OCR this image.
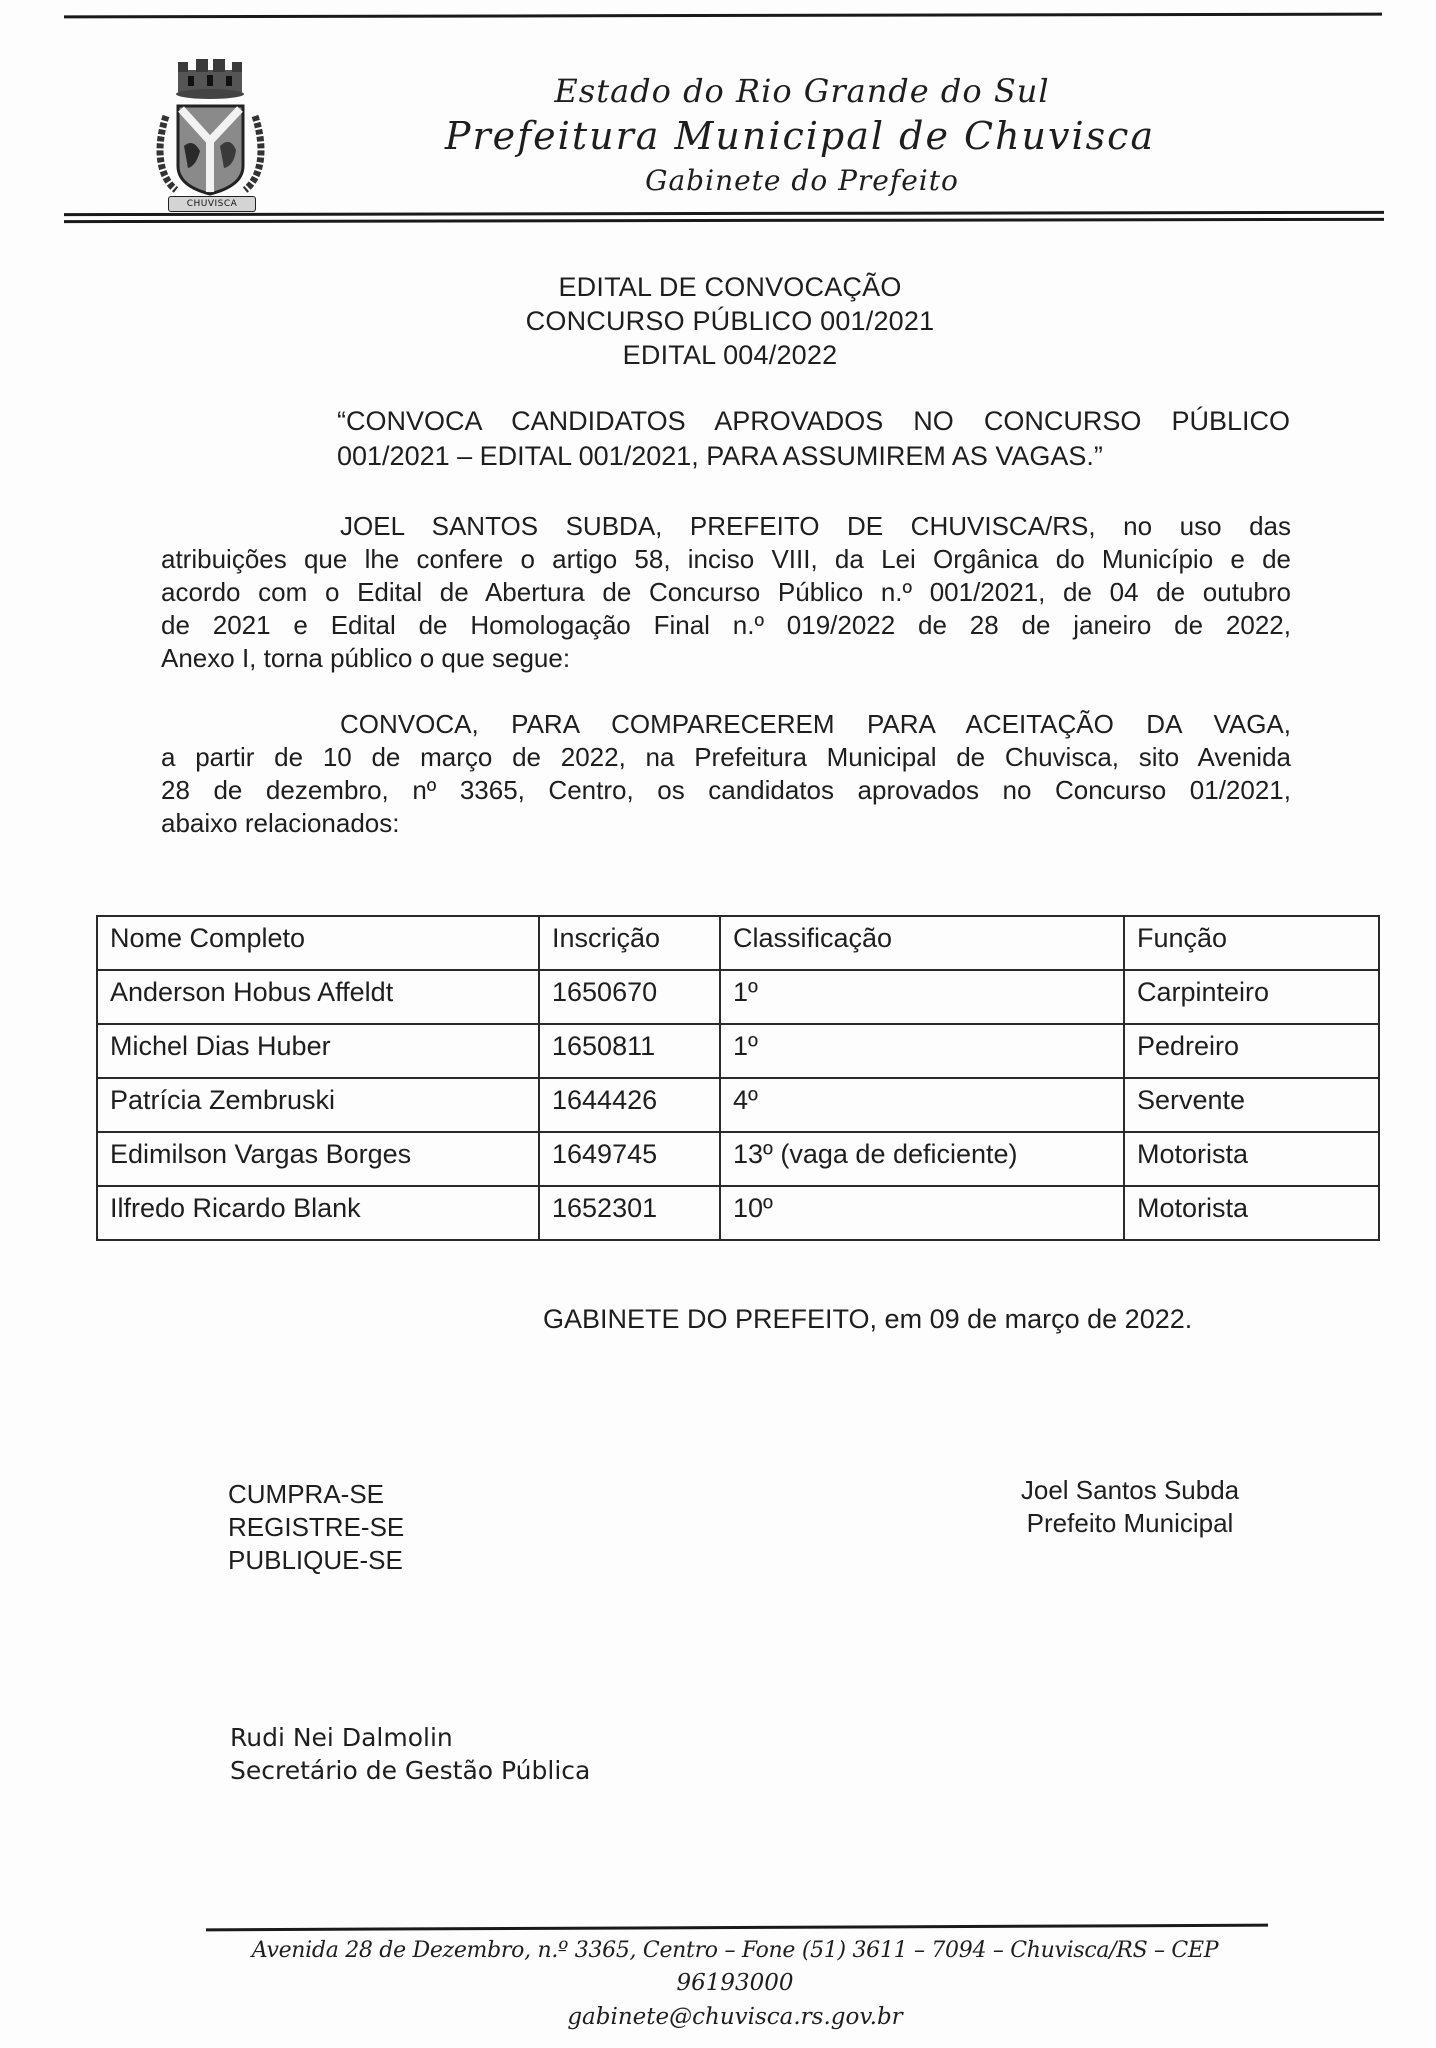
CHUVISCA
Estado do Rio Grande do Sul
Prefeitura Municipal de Chuvisca
Gabinete do Prefeito
EDITAL DE CONVOCAÇÃO
CONCURSO PÚBLICO 001/2021
EDITAL 004/2022
“CONVOCA CANDIDATOS APROVADOS NO CONCURSO PÚBLICO
001/2021 – EDITAL 001/2021, PARA ASSUMIREM AS VAGAS.”
JOEL SANTOS SUBDA, PREFEITO DE CHUVISCA/RS, no uso das
atribuições que lhe confere o artigo 58, inciso VIII, da Lei Orgânica do Município e de
acordo com o Edital de Abertura de Concurso Público n.º 001/2021, de 04 de outubro
de 2021 e Edital de Homologação Final n.º 019/2022 de 28 de janeiro de 2022,
Anexo I, torna público o que segue:
CONVOCA, PARA COMPARECEREM PARA ACEITAÇÃO DA VAGA,
a partir de 10 de março de 2022, na Prefeitura Municipal de Chuvisca, sito Avenida
28 de dezembro, nº 3365, Centro, os candidatos aprovados no Concurso 01/2021,
abaixo relacionados:
Nome Completo	Inscrição	Classificação	Função
Anderson Hobus Affeldt	1650670	1º	Carpinteiro
Michel Dias Huber	1650811	1º	Pedreiro
Patrícia Zembruski	1644426	4º	Servente
Edimilson Vargas Borges	1649745	13º (vaga de deficiente)	Motorista
Ilfredo Ricardo Blank	1652301	10º	Motorista
GABINETE DO PREFEITO, em 09 de março de 2022.
CUMPRA-SE
REGISTRE-SE
PUBLIQUE-SE
Joel Santos Subda
Prefeito Municipal
Rudi Nei Dalmolin
Secretário de Gestão Pública
Avenida 28 de Dezembro, n.º 3365, Centro – Fone (51) 3611 – 7094 – Chuvisca/RS – CEP
96193000
gabinete@chuvisca.rs.gov.br
